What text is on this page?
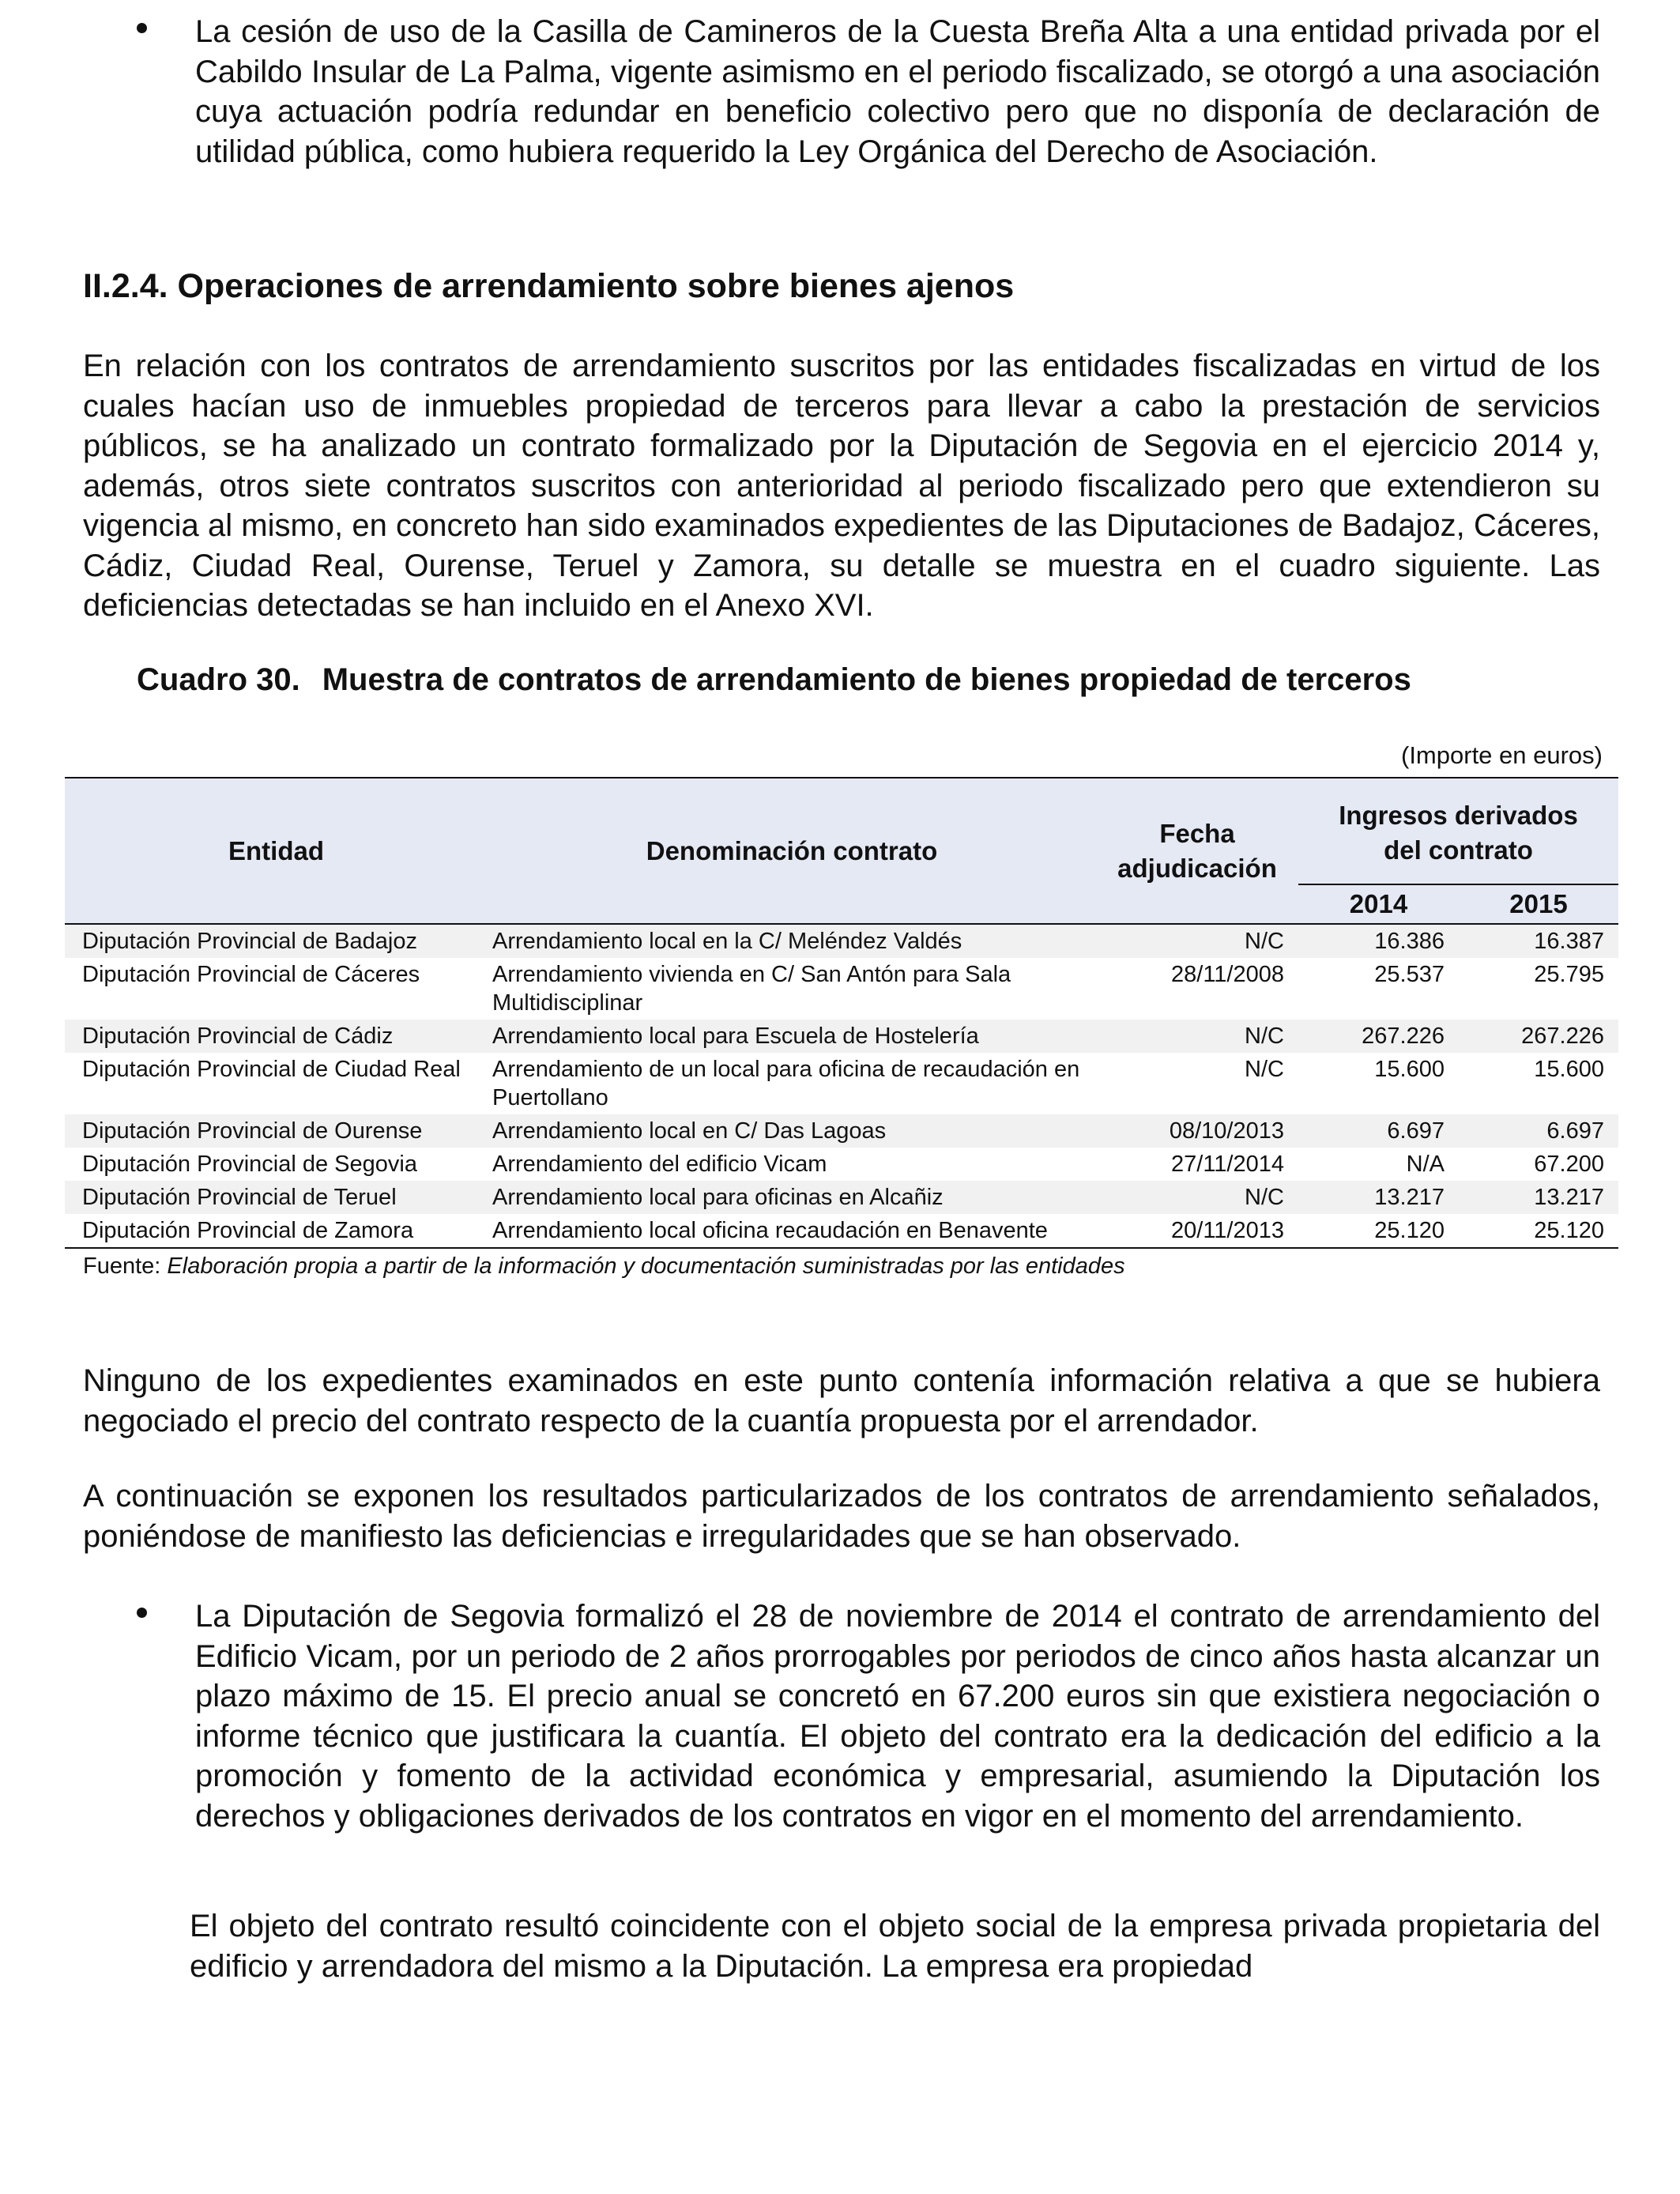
La cesión de uso de la Casilla de Camineros de la Cuesta Breña Alta a una entidad privada por el Cabildo Insular de La Palma, vigente asimismo en el periodo fiscalizado, se otorgó a una asociación cuya actuación podría redundar en beneficio colectivo pero que no disponía de declaración de utilidad pública, como hubiera requerido la Ley Orgánica del Derecho de Asociación.
II.2.4. Operaciones de arrendamiento sobre bienes ajenos
En relación con los contratos de arrendamiento suscritos por las entidades fiscalizadas en virtud de los cuales hacían uso de inmuebles propiedad de terceros para llevar a cabo la prestación de servicios públicos, se ha analizado un contrato formalizado por la Diputación de Segovia en el ejercicio 2014 y, además, otros siete contratos suscritos con anterioridad al periodo fiscalizado pero que extendieron su vigencia al mismo, en concreto han sido examinados expedientes de las Diputaciones de Badajoz, Cáceres, Cádiz, Ciudad Real, Ourense, Teruel y Zamora, su detalle se muestra en el cuadro siguiente. Las deficiencias detectadas se han incluido en el Anexo XVI.
Cuadro 30. Muestra de contratos de arrendamiento de bienes propiedad de terceros
(Importe en euros)
Entidad	Denominación contrato	Fecha adjudicación	Ingresos derivados del contrato	
			2014	2015
Diputación Provincial de Badajoz	Arrendamiento local en la C/ Meléndez Valdés	N/C	16.386	16.387
Diputación Provincial de Cáceres	Arrendamiento vivienda en C/ San Antón para Sala Multidisciplinar	28/11/2008	25.537	25.795
Diputación Provincial de Cádiz	Arrendamiento local para Escuela de Hostelería	N/C	267.226	267.226
Diputación Provincial de Ciudad Real	Arrendamiento de un local para oficina de recaudación en Puertollano	N/C	15.600	15.600
Diputación Provincial de Ourense	Arrendamiento local en C/ Das Lagoas	08/10/2013	6.697	6.697
Diputación Provincial de Segovia	Arrendamiento del edificio Vicam	27/11/2014	N/A	67.200
Diputación Provincial de Teruel	Arrendamiento local para oficinas en Alcañiz	N/C	13.217	13.217
Diputación Provincial de Zamora	Arrendamiento local oficina recaudación en Benavente	20/11/2013	25.120	25.120
Fuente: Elaboración propia a partir de la información y documentación suministradas por las entidades
Ninguno de los expedientes examinados en este punto contenía información relativa a que se hubiera negociado el precio del contrato respecto de la cuantía propuesta por el arrendador.
A continuación se exponen los resultados particularizados de los contratos de arrendamiento señalados, poniéndose de manifiesto las deficiencias e irregularidades que se han observado.
La Diputación de Segovia formalizó el 28 de noviembre de 2014 el contrato de arrendamiento del Edificio Vicam, por un periodo de 2 años prorrogables por periodos de cinco años hasta alcanzar un plazo máximo de 15. El precio anual se concretó en 67.200 euros sin que existiera negociación o informe técnico que justificara la cuantía. El objeto del contrato era la dedicación del edificio a la promoción y fomento de la actividad económica y empresarial, asumiendo la Diputación los derechos y obligaciones derivados de los contratos en vigor en el momento del arrendamiento.
El objeto del contrato resultó coincidente con el objeto social de la empresa privada propietaria del edificio y arrendadora del mismo a la Diputación. La empresa era propiedad
